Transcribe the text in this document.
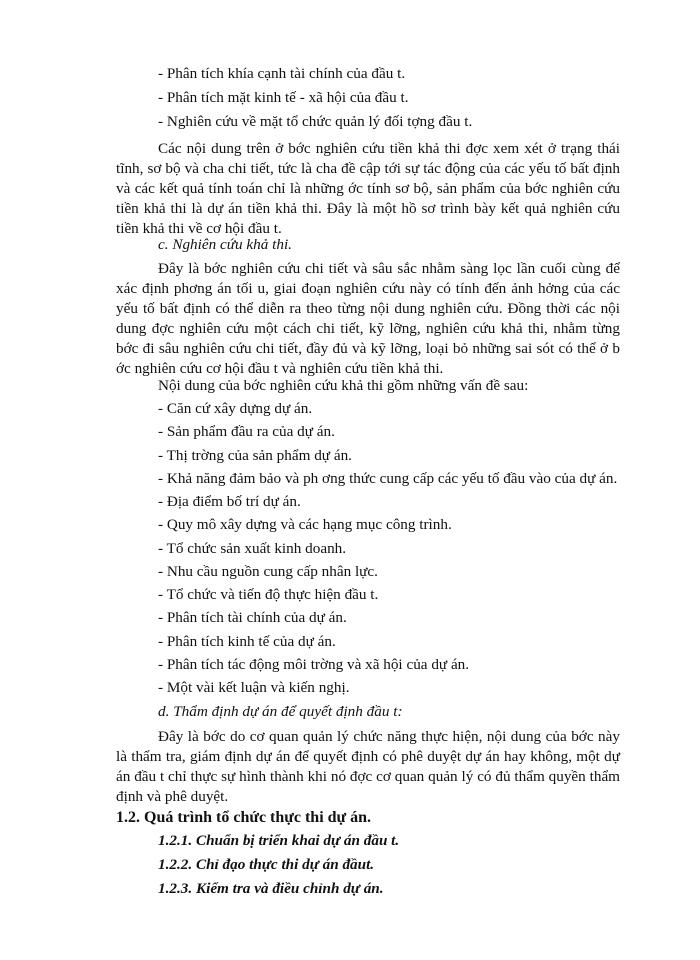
- Phân tích khía cạnh tài chính của đầu t.
- Phân tích mặt kinh tế - xã hội của đầu t.
- Nghiên cứu về mặt tổ chức quản lý đối tợng đầu t.

Các nội dung trên ở bớc nghiên cứu tiền khả thi đợc xem xét ở trạng thái tĩnh, sơ bộ và cha chi tiết, tức là cha đề cập tới sự tác động của các yếu tố bất định và các kết quả tính toán chỉ là những ớc tính sơ bộ, sản phẩm của bớc nghiên cứu tiền khả thi là dự án tiền khả thi. Đây là một hồ sơ trình bày kết quả nghiên cứu tiền khả thi về cơ hội đầu t.

c. Nghiên cứu khả thi.

Đây là bớc nghiên cứu chi tiết và sâu sắc nhằm sàng lọc lần cuối cùng để xác định phơng án tối u, giai đoạn nghiên cứu này có tính đến ảnh hởng của các yếu tố bất định có thể diễn ra theo từng nội dung nghiên cứu. Đồng thời các nội dung đợc nghiên cứu một cách chi tiết, kỹ lỡng, nghiên cứu khả thi, nhằm từng bớc đi sâu nghiên cứu chi tiết, đầy đủ và kỹ lỡng, loại bỏ những sai sót có thể ở b ớc nghiên cứu cơ hội đầu t và nghiên cứu tiền khả thi.

Nội dung của bớc nghiên cứu khả thi gồm những vấn đề sau:
- Căn cứ xây dựng dự án.
- Sản phẩm đầu ra của dự án.
- Thị trờng của sản phẩm dự án.
- Khả năng đảm bảo và ph ơng thức cung cấp các yếu tố đầu vào của dự án.
- Địa điểm bố trí dự án.
- Quy mô xây dựng và các hạng mục công trình.
- Tổ chức sản xuất kinh doanh.
- Nhu cầu nguồn cung cấp nhân lực.
- Tổ chức và tiến độ thực hiện đầu t.
- Phân tích tài chính của dự án.
- Phân tích kinh tế của dự án.
- Phân tích tác động môi trờng và xã hội của dự án.
- Một vài kết luận và kiến nghị.
d. Thẩm định dự án để quyết định đầu t:

Đây là bớc do cơ quan quản lý chức năng thực hiện, nội dung của bớc này là thẩm tra, giám định dự án để quyết định có phê duyệt dự án hay không, một dự án đầu t chỉ thực sự hình thành khi nó đợc cơ quan quản lý có đủ thẩm quyền thẩm định và phê duyệt.

1.2. Quá trình tổ chức thực thi dự án.
1.2.1. Chuẩn bị triển khai dự án đầu t.
1.2.2. Chỉ đạo thực thi dự án đầut.
1.2.3. Kiểm tra và điều chỉnh dự án.
